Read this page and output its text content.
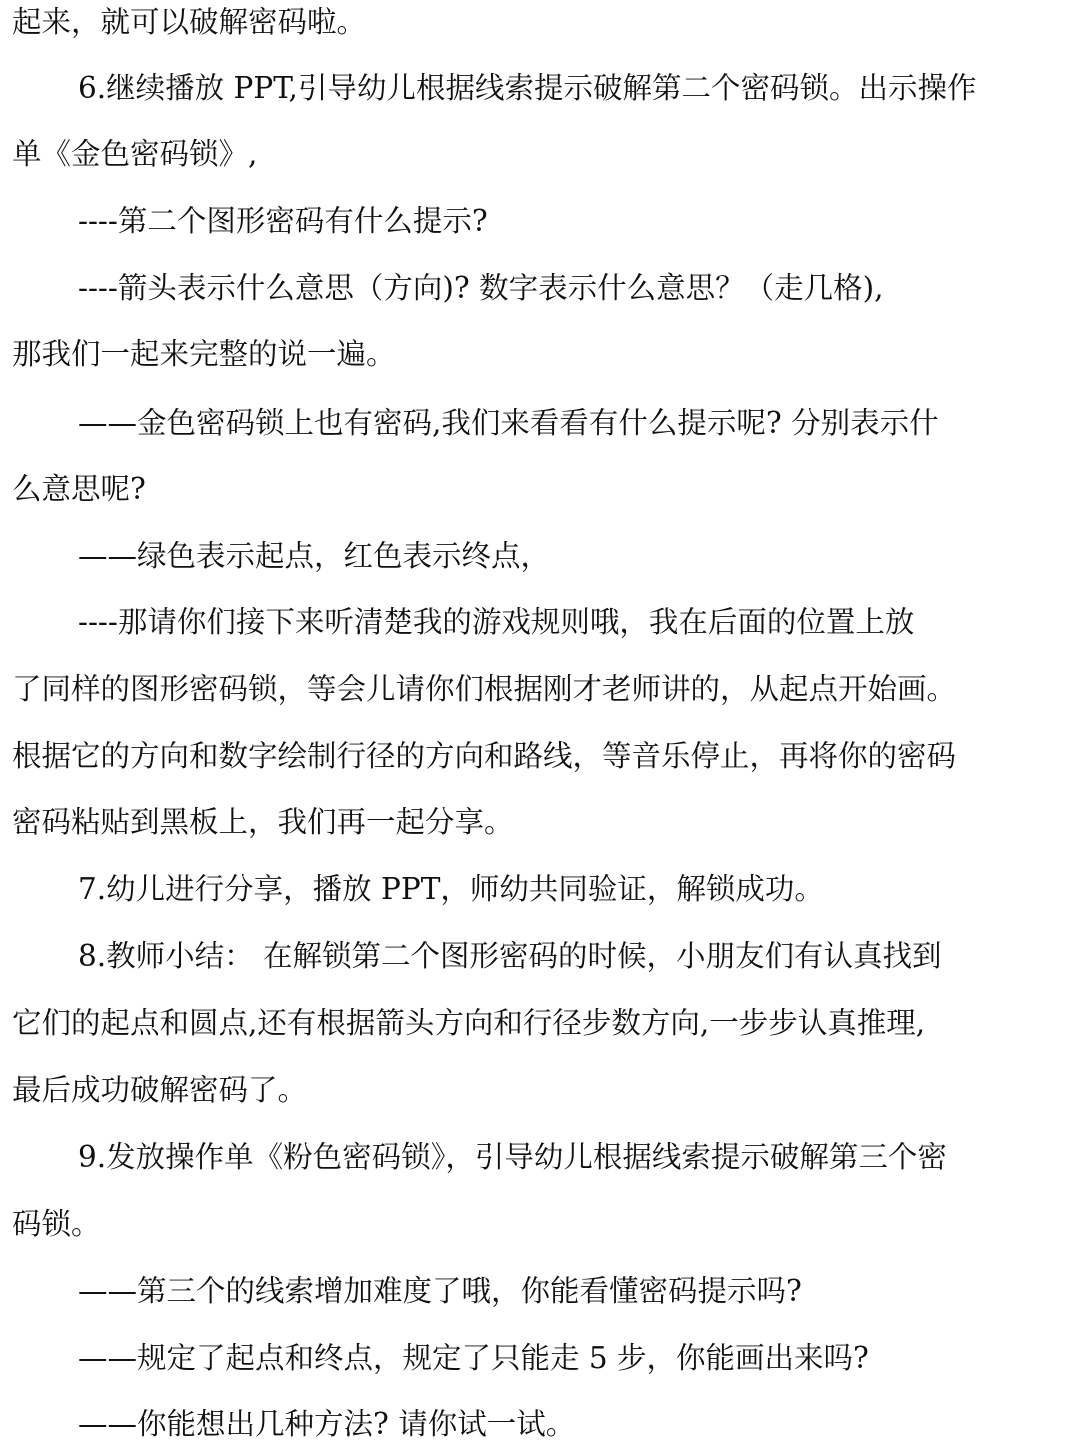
起来，就可以破解密码啦。
6.继续播放 PPT,引导幼儿根据线索提示破解第二个密码锁。出示操作
单《金色密码锁》,
----第二个图形密码有什么提示?
----箭头表示什么意思（方向)? 数字表示什么意思？（走几格),
那我们一起来完整的说一遍。
——金色密码锁上也有密码,我们来看看有什么提示呢? 分别表示什
么意思呢?
——绿色表示起点，红色表示终点，
----那请你们接下来听清楚我的游戏规则哦，我在后面的位置上放
了同样的图形密码锁，等会儿请你们根据刚才老师讲的，从起点开始画。
根据它的方向和数字绘制行径的方向和路线，等音乐停止，再将你的密码
密码粘贴到黑板上，我们再一起分享。
7.幼儿进行分享，播放 PPT，师幼共同验证，解锁成功。
8.教师小结： 在解锁第二个图形密码的时候，小朋友们有认真找到
它们的起点和圆点,还有根据箭头方向和行径步数方向,一步步认真推理,
最后成功破解密码了。
9.发放操作单《粉色密码锁》，引导幼儿根据线索提示破解第三个密
码锁。
——第三个的线索增加难度了哦，你能看懂密码提示吗?
——规定了起点和终点，规定了只能走 5 步，你能画出来吗?
——你能想出几种方法? 请你试一试。
